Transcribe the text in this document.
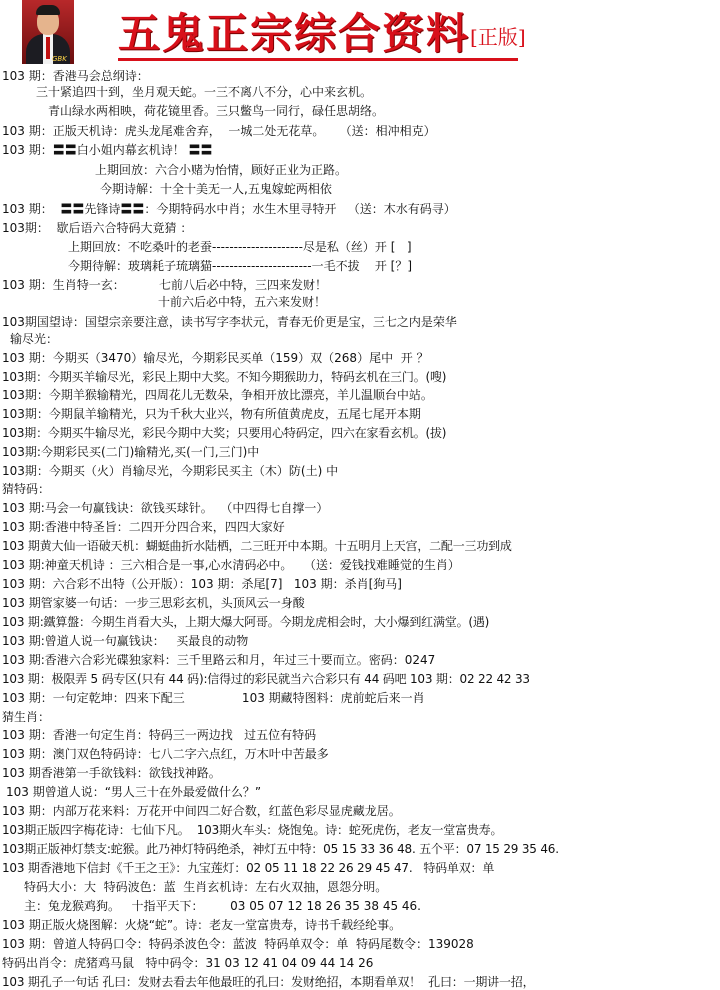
GBK
五鬼正宗综合资料[正版]
103 期：香港马会总纲诗：
三十紧追四十到，坐月观天蛇。一三不离八不分，心中来玄机。
青山绿水两相映，荷花镜里香。三只鳖鸟一同行，碌任思胡络。
103 期：正版天机诗：虎头龙尾难舍弃，  一城二处无花草。    （送：相冲相克）
103 期：〓〓白小姐内幕玄机诗！ 〓〓
上期回放：六合小赌为怡情，顾好正业为正路。
今期诗解：十全十美无一人,五鬼嫁蛇两相依
103 期：  〓〓先锋诗〓〓：今期特码水中肖；水生木里寻特开   （送：木水有码寻）
103期：  歇后语六合特码大竟猜 ：
上期回放：不吃桑叶的老蚕---------------------尽是私（丝）开 [   ]
今期待解：玻璃耗子琉璃猫-----------------------一毛不拔    开 [？]
103 期：生肖特一玄：         七前八后必中特，三四来发财！
十前六后必中特，五六来发财！
103期国望诗：国望宗亲要注意，读书写字李状元，青春无价更是宝，三七之内是荣华
输尽光：
103 期：今期买（3470）输尽光，今期彩民买单（159）双（268）尾中  开 ？
103期：今期买羊输尽光，彩民上期中大奖。不知今期猴助力，特码玄机在三门。(嗖)
103期：今期羊猴输精光，四周花儿无数朵，争相开放比漂亮，羊儿温顺台中站。
103期：今期鼠羊输精光，只为千秋大业兴，物有所值黄虎皮，五尾七尾开本期
103期：今期买牛输尽光，彩民今期中大奖；只要用心特码定，四六在家看玄机。(拔)
103期:今期彩民买(二门)输精光,买(一门,三门)中
103期：今期买（火）肖输尽光，今期彩民买主（木）防(土) 中
猜特码：
103 期:马会一句赢钱诀：欲钱买球针。  （中四得七自撑一）
103 期:香港中特圣旨：二四开分四合来，四四大家好
103 期黄大仙一语破天机：蝴蜓曲折水陆栖，二三旺开中本期。十五明月上天宫，二配一三功到成
103 期:神童天机诗 ：三六相合是一事,心水清码必中。   （送：爱钱找难睡觉的生肖）
103 期：六合彩不出特（公开版）：103 期：杀尾[7]   103 期：杀肖[狗马]
103 期管家婆一句话：一步三思彩玄机，头顶风云一身酸
103 期:鐵算盤：今期生肖看大头，上期大爆大阿哥。今期龙虎相会时，大小爆到红满堂。(遇)
103 期:曾道人说一句赢钱诀：   买最良的动物
103 期:香港六合彩光碟独家料：三千里路云和月，年过三十要而立。密码：0247
103 期：极限弄 5 码专区(只有 44 码):信得过的彩民就当六合彩只有 44 码吧 103 期：02 22 42 33
103 期：一句定乾坤：四来下配三               103 期藏特图料：虎前蛇后来一肖
猜生肖：
103 期：香港一句定生肖：特码三一两边找   过五位有特码
103 期：澳门双色特码诗：七八二字六点红，万木叶中苦最多
103 期香港第一手欲钱料：欲钱找神路。
103 期曾道人说：“男人三十在外最爱做什么？”
103 期：内部万花来料：万花开中间四二好合数，红蓝色彩尽显虎藏龙居。
103期正版四字梅花诗：七仙下凡。  103期火车头：烧饱兔。诗：蛇死虎伤，老友一堂富贵寿。
103期正版神灯禁支:蛇猴。此乃神灯特码绝杀，神灯五中特：05 15 33 36 48. 五个平：07 15 29 35 46.
103 期香港地下信封《千王之王》：九宝莲灯：02 05 11 18 22 26 29 45 47.   特码单双：单
特码大小：大  特码波色：蓝  生肖玄机诗：左右火双抽，恩怨分明。
主：兔龙猴鸡狗。   十指平天下：       03 05 07 12 18 26 35 38 45 46.
103 期正版火烧图解：火烧“蛇”。诗：老友一堂富贵寿，诗书千载经纶事。
103 期：曾道人特码口令：特码杀波色令：蓝波  特码单双令：单  特码尾数令：139028
特码出肖令：虎猪鸡马鼠   特中码令：31 03 12 41 04 09 44 14 26
103 期孔子一句话 孔曰：发财去看去年他最旺的孔曰：发财绝招，本期看单双！  孔曰：一期讲一招，
